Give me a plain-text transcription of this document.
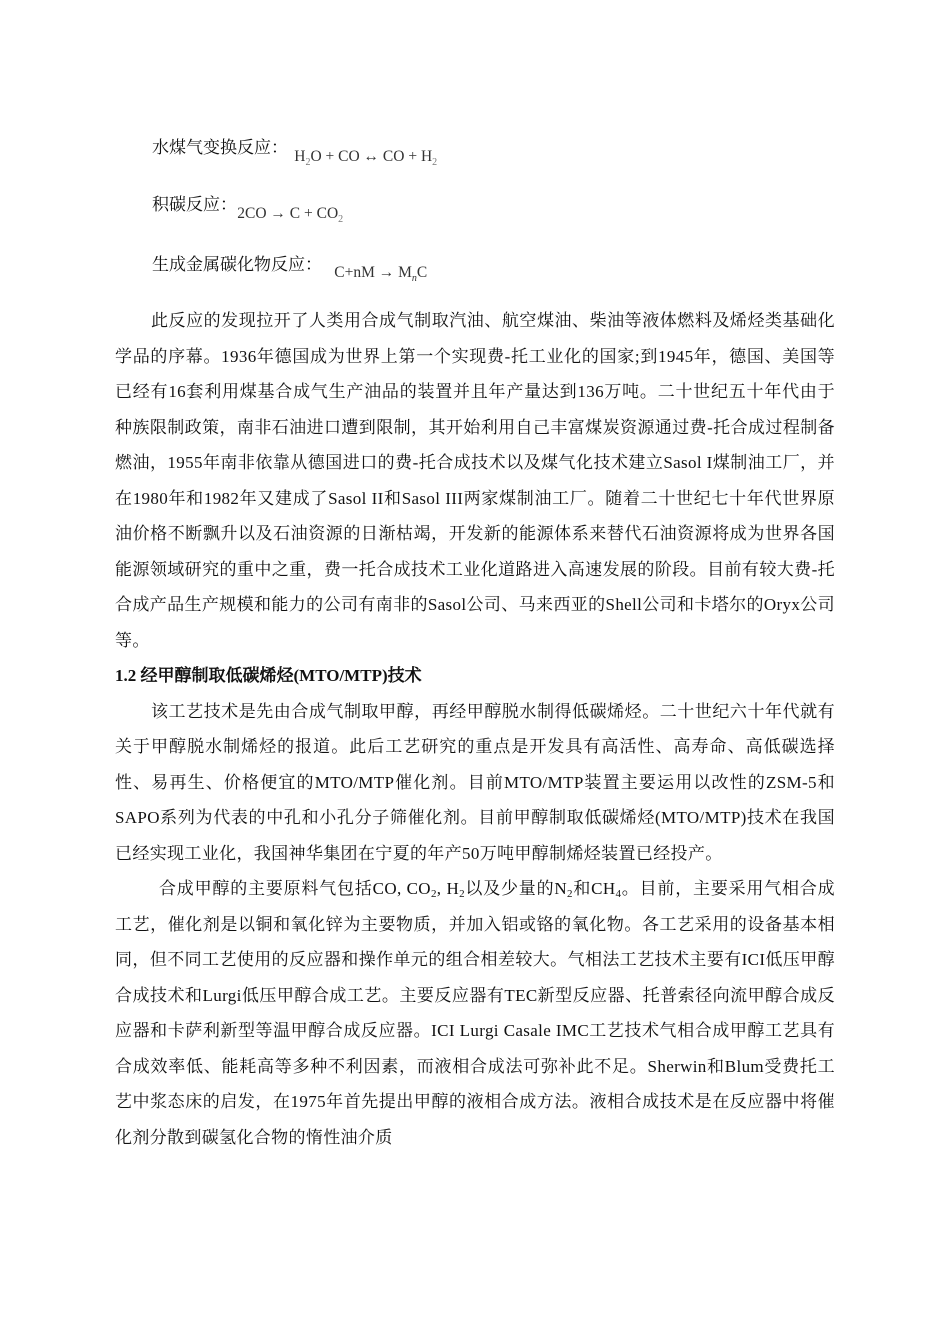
水煤气变换反应： $H_2O$ + CO ↔ CO + $H_2$
积碳反应： $2CO \to C + CO_2$
生成金属碳化物反应： $C+nM \to M_nC$

此反应的发现拉开了人类用合成气制取汽油、航空煤油、柴油等液体燃料及烯烃类基础化学品的序幕。1936年德国成为世界上第一个实现费-托工业化的国家;到1945年，德国、美国等已经有16套利用煤基合成气生产油品的装置并且年产量达到136万吨。二十世纪五十年代由于种族限制政策，南非石油进口遭到限制，其开始利用自己丰富煤炭资源通过费-托合成过程制备燃油，1955年南非依靠从德国进口的费-托合成技术以及煤气化技术建立Sasol I煤制油工厂，并在1980年和1982年又建成了Sasol II和Sasol III两家煤制油工厂。随着二十世纪七十年代世界原油价格不断飘升以及石油资源的日渐枯竭，开发新的能源体系来替代石油资源将成为世界各国能源领域研究的重中之重，费一托合成技术工业化道路进入高速发展的阶段。目前有较大费-托合成产品生产规模和能力的公司有南非的Sasol公司、马来西亚的Shell公司和卡塔尔的Oryx公司等。

1.2 经甲醇制取低碳烯烃(MTO/MTP)技术

该工艺技术是先由合成气制取甲醇，再经甲醇脱水制得低碳烯烃。二十世纪六十年代就有关于甲醇脱水制烯烃的报道。此后工艺研究的重点是开发具有高活性、高寿命、高低碳选择性、易再生、价格便宜的MTO/MTP催化剂。目前MTO/MTP装置主要运用以改性的ZSM-5和SAPO系列为代表的中孔和小孔分子筛催化剂。目前甲醇制取低碳烯烃(MTO/MTP)技术在我国已经实现工业化，我国神华集团在宁夏的年产50万吨甲醇制烯烃装置已经投产。

合成甲醇的主要原料气包括CO, $CO_2$, $H_2$以及少量的$N_2$和$CH_4$。目前，主要采用气相合成工艺，催化剂是以铜和氧化锌为主要物质，并加入铝或铬的氧化物。各工艺采用的设备基本相同，但不同工艺使用的反应器和操作单元的组合相差较大。气相法工艺技术主要有ICI低压甲醇合成技术和Lurgi低压甲醇合成工艺。主要反应器有TEC新型反应器、托普索径向流甲醇合成反应器和卡萨利新型等温甲醇合成反应器。ICI Lurgi Casale IMC工艺技术气相合成甲醇工艺具有合成效率低、能耗高等多种不利因素，而液相合成法可弥补此不足。Sherwin和Blum受费托工艺中浆态床的启发，在1975年首先提出甲醇的液相合成方法。液相合成技术是在反应器中将催化剂分散到碳氢化合物的惰性油介质
